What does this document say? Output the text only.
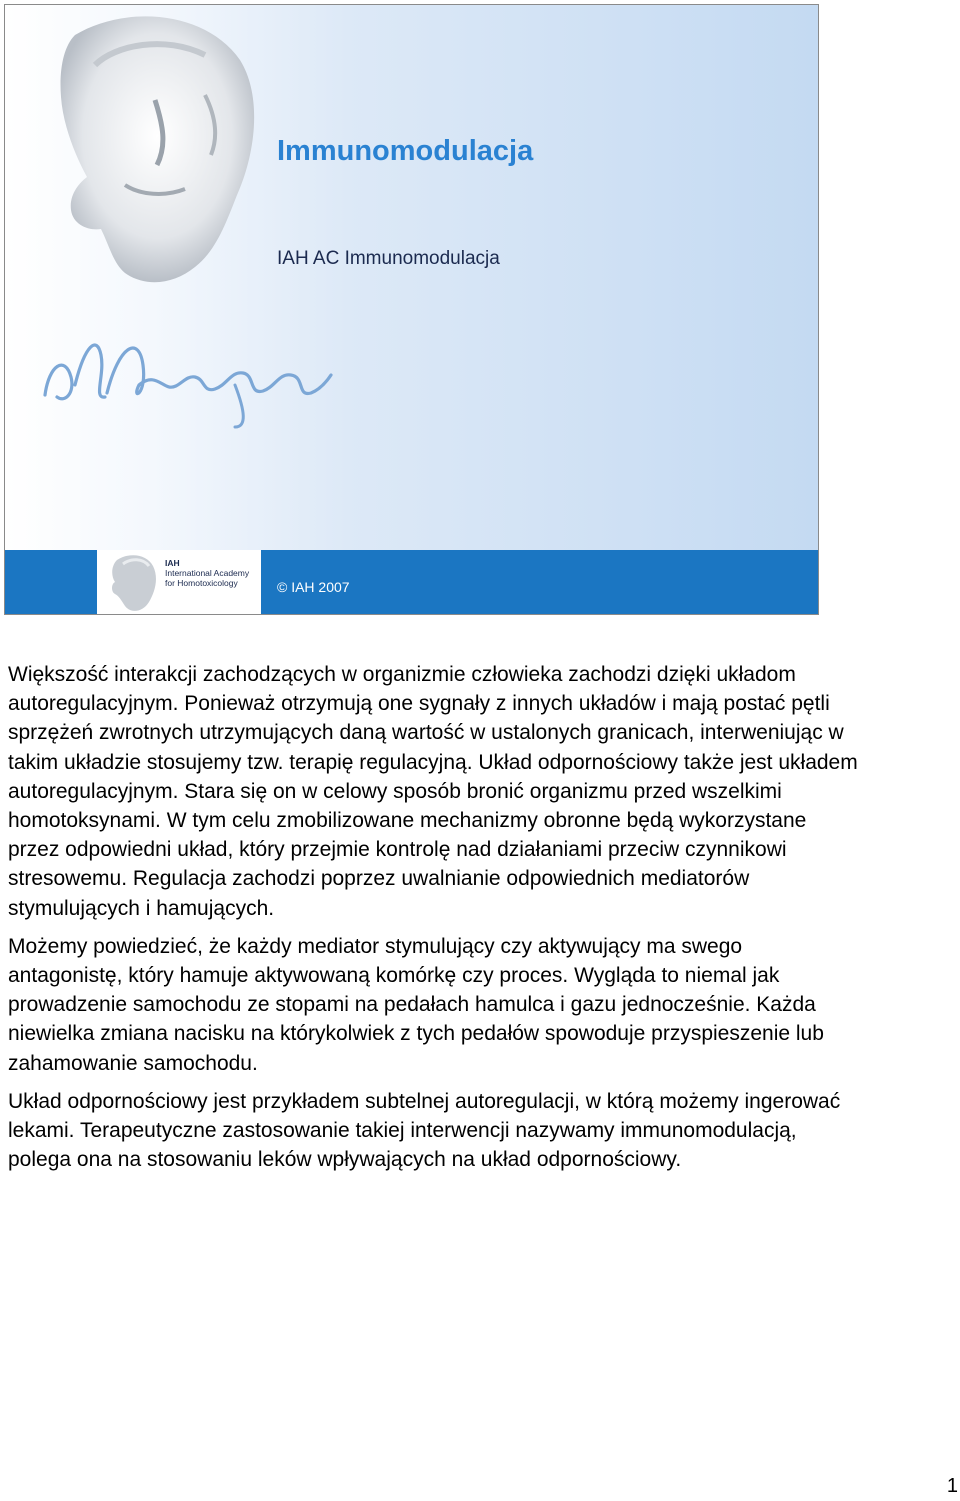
Immunomodulacja
IAH AC Immunomodulacja
IAH
International Academy
for Homotoxicology	© IAH 2007

Większość interakcji zachodzących w organizmie człowieka zachodzi dzięki układom autoregulacyjnym. Ponieważ otrzymują one sygnały z innych układów i mają postać pętli sprzężeń zwrotnych utrzymujących daną wartość w ustalonych granicach, interweniując w takim układzie stosujemy tzw. terapię regulacyjną. Układ odpornościowy także jest układem autoregulacyjnym. Stara się on w celowy sposób bronić organizmu przed wszelkimi homotoksynami. W tym celu zmobilizowane mechanizmy obronne będą wykorzystane przez odpowiedni układ, który przejmie kontrolę nad działaniami przeciw czynnikowi stresowemu. Regulacja zachodzi poprzez uwalnianie odpowiednich mediatorów stymulujących i hamujących.

Możemy powiedzieć, że każdy mediator stymulujący czy aktywujący ma swego antagonistę, który hamuje aktywowaną komórkę czy proces. Wygląda to niemal jak prowadzenie samochodu ze stopami na pedałach hamulca i gazu jednocześnie. Każda niewielka zmiana nacisku na którykolwiek z tych pedałów spowoduje przyspieszenie lub zahamowanie samochodu.

Układ odpornościowy jest przykładem subtelnej autoregulacji, w którą możemy ingerować lekami. Terapeutyczne zastosowanie takiej interwencji nazywamy immunomodulacją, polega ona na stosowaniu leków wpływających na układ odpornościowy.

1
